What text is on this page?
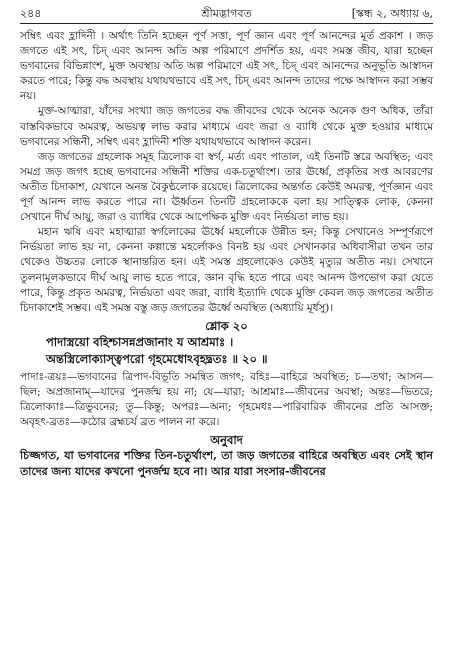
শ্রীমদ্ভাগবত
২৪৪	[স্কন্ধ ২, অধ্যায় ৬,

সম্বিৎ এবং হ্লাদিনী । অর্থাৎ তিনি হচ্ছেন পূর্ণ সত্তা, পূর্ণ জ্ঞান এবং পূর্ণ আনন্দের মূর্ত প্রকাশ । জড় জগতে এই সৎ, চিদ্ এবং আনন্দ অতি অল্প পরিমাণে প্রদর্শিত হয়, এবং সমস্ত জীব, যারা হচ্ছেন ভগবানের বিভিন্নাংশ, মুক্ত অবস্থায় অতি অল্প পরিমাণে এই সৎ, চিদ্ এবং আনন্দের অনুভূতি আস্বাদন করতে পারে; কিন্তু বদ্ধ অবস্থায় যথাযথভাবে এই সৎ, চিদ্ এবং আনন্দ তাদের পক্ষে আস্বাদন করা সম্ভব নয়।

মুক্ত-আত্মারা, যাঁদের সংখ্যা জড় জগতের বদ্ধ জীবদের থেকে অনেক অনেক গুণ অধিক, তাঁরা বাস্তবিকভাবে অমরত্ব, অভয়ত্ব লাভ করার মাধ্যমে এবং জরা ও ব্যাধি থেকে মুক্ত হওয়ার মাধ্যমে ভগবানের সন্ধিনী, সম্বিৎ এবং হ্লাদিনী শক্তি যথাযথভাবে আস্বাদন করেন।

জড় জগতের গ্রহলোক সমূহ ত্রিলোক বা স্বর্গ, মর্ত্য এবং পাতাল, এই তিনটি স্তরে অবস্থিত; এবং সমগ্র জড় জগৎ হচ্ছে ভগবানের সন্ধিনী শক্তির এক-চতুর্থাংশ। তার ঊর্ধ্বে, প্রকৃতির সপ্ত আবরণের অতীত চিদাকাশ, যেখানে অনন্ত বৈকুণ্ঠলোক রয়েছে। ত্রিলোকের অন্তর্গত কেউই অমরত্ব, পূর্ণজ্ঞান এবং পূর্ণ আনন্দ লাভ করতে পারে না। ঊর্ধ্বতন তিনটি গ্রহলোককে বলা হয় সাত্ত্বিক লোক, কেননা সেখানে দীর্ঘ আয়ু, জরা ও ব্যাধির থেকে আপেক্ষিক মুক্তি এবং নির্ভয়তা লাভ হয়।

মহান ঋষি এবং মহাত্মারা স্বর্গলোকের ঊর্ধ্বে মহর্লোকে উন্নীত হন; কিন্তু সেখানেও সম্পূর্ণরূপে নির্ভয়তা লাভ হয় না, কেননা কল্পান্তে মহর্লোকও বিনষ্ট হয় এবং সেখানকার অধিবাসীরা তখন তার থেকেও উচ্চতর লোকে স্থানান্তরিত হন। এই সমস্ত গ্রহলোকেও কেউই মৃত্যুর অতীত নয়। সেখানে তুলনামূলকভাবে দীর্ঘ আয়ু লাভ হতে পারে, জ্ঞান বৃদ্ধি হতে পারে এবং আনন্দ উপভোগ করা যেতে পারে, কিন্তু প্রকৃত অমরত্ব, নির্ভয়তা এবং জরা, ব্যাধি ইত্যাদি থেকে মুক্তি কেবল জড় জগতের অতীত চিদাকাশেই সম্ভব। এই সমস্ত বস্তু জড় জগতের ঊর্ধ্বে অবস্থিত (অধ্যায়ি মূর্ধসু)।

শ্লোক ২০
পাদাস্ত্রয়ো বহিশ্চাসন্নপ্রজানাং য আশ্রমাঃ ।
অন্তস্ত্রিলোক্যাস্ত্বপরো গৃহমেধোঽবৃহদ্ব্রতঃ ॥ ২০ ॥

পাদাঃ-ত্রয়ঃ—ভগবানের ত্রিপাদ-বিভূতি সমন্বিত জগৎ; বহিঃ—বাহিরে অবস্থিত; চ—তথা; আসন—ছিল; অপ্রজানাম্—যাদের পুনর্জন্ম হয় না; যে—যারা; আশ্রমাঃ—জীবনের অবস্থা; অন্তঃ—ভিতরে; ত্রিলোক্যাঃ—ত্রিভুবনের; তু—কিন্তু; অপরঃ—অন্য; গৃহমেধঃ—পারিবারিক জীবনের প্রতি আসক্ত; অবৃহৎ-ব্রতঃ—কঠোর ব্রহ্মচর্য ব্রত পালন না করে।

অনুবাদ

চিজ্জগত, যা ভগবানের শক্তির তিন-চতুর্থাংশ, তা জড় জগতের বাহিরে অবস্থিত এবং সেই স্থান তাদের জন্য যাদের কখনো পুনর্জন্ম হবে না। আর যারা সংসার-জীবনের
